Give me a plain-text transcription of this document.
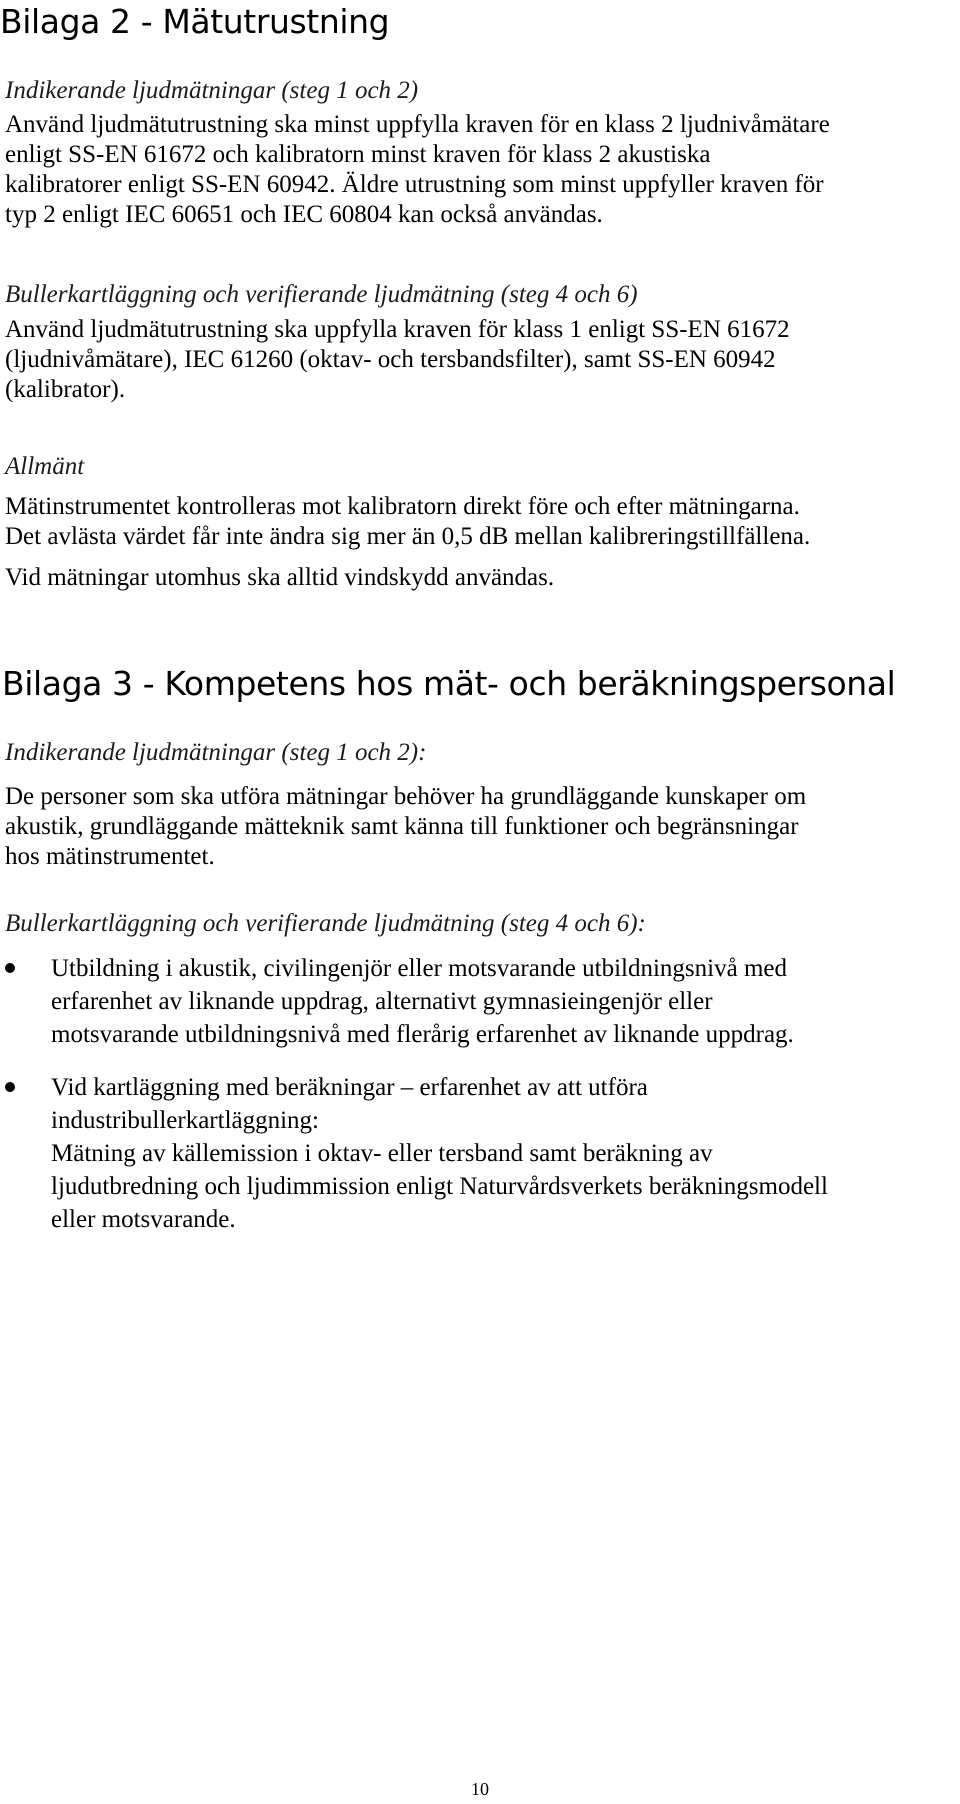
Bilaga 2 - Mätutrustning

Indikerande ljudmätningar (steg 1 och 2)

Använd ljudmätutrustning ska minst uppfylla kraven för en klass 2 ljudnivåmätare
enligt SS-EN 61672 och kalibratorn minst kraven för klass 2 akustiska
kalibratorer enligt SS-EN 60942. Äldre utrustning som minst uppfyller kraven för
typ 2 enligt IEC 60651 och IEC 60804 kan också användas.

Bullerkartläggning och verifierande ljudmätning (steg 4 och 6)

Använd ljudmätutrustning ska uppfylla kraven för klass 1 enligt SS-EN 61672
(ljudnivåmätare), IEC 61260 (oktav- och tersbandsfilter), samt SS-EN 60942
(kalibrator).

Allmänt

Mätinstrumentet kontrolleras mot kalibratorn direkt före och efter mätningarna.
Det avlästa värdet får inte ändra sig mer än 0,5 dB mellan kalibreringstillfällena.

Vid mätningar utomhus ska alltid vindskydd användas.

Bilaga 3 - Kompetens hos mät- och beräkningspersonal

Indikerande ljudmätningar (steg 1 och 2):

De personer som ska utföra mätningar behöver ha grundläggande kunskaper om
akustik, grundläggande mätteknik samt känna till funktioner och begränsningar
hos mätinstrumentet.

Bullerkartläggning och verifierande ljudmätning (steg 4 och 6):

Utbildning i akustik, civilingenjör eller motsvarande utbildningsnivå med
erfarenhet av liknande uppdrag, alternativt gymnasieingenjör eller
motsvarande utbildningsnivå med flerårig erfarenhet av liknande uppdrag.
Vid kartläggning med beräkningar – erfarenhet av att utföra
industribullerkartläggning:
Mätning av källemission i oktav- eller tersband samt beräkning av
ljudutbredning och ljudimmission enligt Naturvårdsverkets beräkningsmodell
eller motsvarande.
10
